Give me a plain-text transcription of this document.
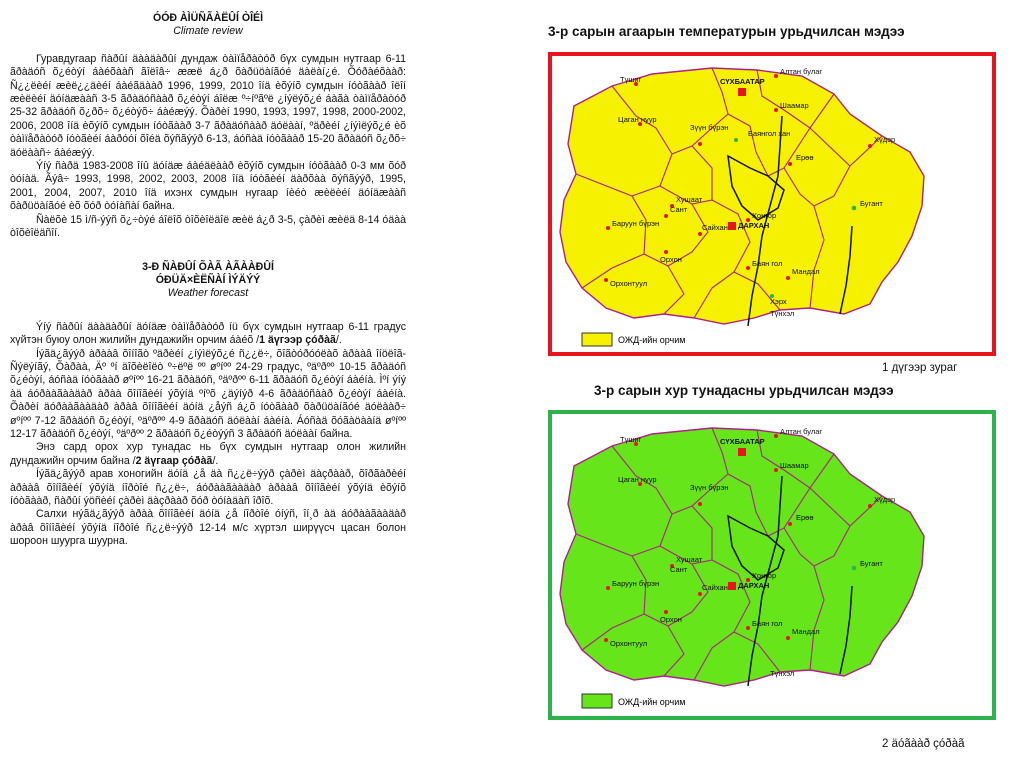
ÓÓÐ ÀÌÜÑÃÀËÛÍ ÒÎÉÌ
Climate review

Гуравдугаар ñàðûí äààäàðûí дундаж òàìïåðàòóð бүх сумдын нутгаар 6-11 ãðàäóñ õ¿éòýí áàéõààñ ãîëîâ÷ ææë á¿ð õàðüöàíãóé äàëàí¿é. Õóðàéõààð: Ñ¿¿ëèéí æèë¿¿äèéí áàéãäààð 1996, 1999, 2010 îíä èõýíõ сумдын íóòãààð îëîí æèëèéí äóíäæààñ 3-5 ãðàäóñààð õ¿éòýí áîëæ º÷íºãºë ¿íýëýõ¿é áàãà òàìïåðàòóð 25-32 ãðàäóñ õ¿ðõ÷ õ¿éòýõ÷ áàéæýý. Õàðèí 1990, 1993, 1997, 1998, 2000-2002, 2006, 2008 îíä èõýíõ сумдын íóòãààð 3-7 ãðàäóñààð äóëààí, ºäðèéí ¿íýìëýõ¿é èõ òàìïåðàòóð íóòãèéí áàðóóí õîéä õýñãýýð 6-13, áóñàä íóòãààð 15-20 ãðàäóñ õ¿ðõ÷ äóëààñ÷ áàéæýý.

Ýíý ñàðä 1983-2008 îíû äóíäæ áàéäëààð èõýíõ сумдын íóòãààð 0-3 мм õóð òóíàä. Ãýâ÷ 1993, 1998, 2002, 2003, 2008 îíä íóòãèéí äàðõàà õýñãýýð, 1995, 2001, 2004, 2007, 2010 îíä ихэнх сумдын нугаар íèéò æèëèéí äóíäæààñ õàðüöàíãóé èõ õóð òóíàñàí байна.

Ñàëõè 15 ì/ñ-ýýñ õ¿÷òýé áîëîõ òîõèîëäîë æèë á¿ð 3-5, çàðèì æèëä 8-14 óäàà òîõèîëäñîí.

3-Ð ÑÀÐÛÍ ÕÀÃ ÀÃÀÀÐÛÍ
ÓÐÜÄ×ÈËÑÀÍ ÌÝÄÝÝ
Weather forecast

Ýíý ñàðûí äààäàðûí äóíäæ òàìïåðàòóð íü бүх сумдын нутгаар 6-11 градус хүйтэн буюу олон жилийн дундажийн орчим áàéõ /1 äүгээр çóðàã/.

Íýãä¿ãýýð àðààâ õîíîãò ºäðèéí ¿íýìëýõ¿é ñ¿¿ë÷, õîãòóðóóëàõ àðààâ îíöëîã-Ñýëýíãý, Õàðàà, Äº ºí äîõèëîëò º÷ëºë ºº øºíºº 24-29 градус, ºäºðºº 10-15 ãðàäóñ õ¿éòýí, áóñàä íóòãààð øºíºº 16-21 ãðàäóñ, ºäºðºº 6-11 ãðàäóñ õ¿éòýí áàéíà. Ìºí ýíý àä áóðààãààäàð àðàà õîíîãèéí ýõýíä ºíºõ ¿äýíýð 4-6 ãðàäóñààð õ¿éòýí áàéíà. Õàðèí äóðààãààäàð àðàâ õîíîãèéí äóíä ¿åýñ á¿õ íóòãààð õàðüöàíãóé äóëààð÷ øºíºº 7-12 ãðàäóñ õ¿éòýí, ºäºðºº 4-9 ãðàäóñ äóëààí áàéíà. Áóñàä õóãàöààíä øºíºº 12-17 ãðàäóñ õ¿éòýí, ºäºðºº 2 ãðàäóñ õ¿éòýýñ 3 ãðàäóñ äóëààí байна.

Энэ сард орох хур тунадас нь бүх сумдын нутгаар олон жилийн дундажийн орчим байна /2 äүгаар çóðàã/.

Íýãä¿ãýýð арав хоногийн äóíä ¿å äà ñ¿¿ë÷ýýð çàðèì äàçðààð, õîðãàðèéí àðààâ õîíîãèéí ýõýíä íîðòîé ñ¿¿ë÷, áóðààãààäàð àðààâ õîíîãèéí ýõýíä èõýíõ íóòãààð, ñàðûí ýöñèéí çàðèì äàçðààð õóð òóíàäàñ îðîõ.

Салхи нýãä¿ãýýð àðàà õîíîãèéí äóíä ¿å íîðòîé óíýñ, îí¸ð àä áóðààãààäàð àðàâ õîíîãèéí ýõýíä íîðòîé ñ¿¿ë÷ýýð 12-14 м/с хүртэл ширүүсч цасан болон шороон шуурга шуурна.

3-р сарын агаарын температурын урьдчилсан мэдээ
Түшиг
Алтан булаг
СҮХБААТАР
Цаган нуур
Шаамар
Зүүн бүрэн
Баянгол хан
Ерөө
Хүдэр
Хушаат
ДАРХАН
Бугант
Сант
Сайхан
Хонгор
Баруун бүрэн
Орхон	Баян гол
Мандал
Орхонтуул
Хэрх
Түнхэл
ОЖД-ийн орчим
1 дүгээр зураг
3-р сарын хур тунадасны урьдчилсан мэдээ
Түшиг
Алтан булаг
СҮХБААТАР
Цаган нуур
Шаамар
Зүүн бүрэн
Ерөө
Хүдэр
Хушаат
ДАРХАН
Бугант
Сант
Сайхан
Хонгор
Баруун бүрэн
Орхон	Баян гол
Мандал
Орхонтуул
Түнхэл
ОЖД-ийн орчим
2 äóãààð çóðàã
